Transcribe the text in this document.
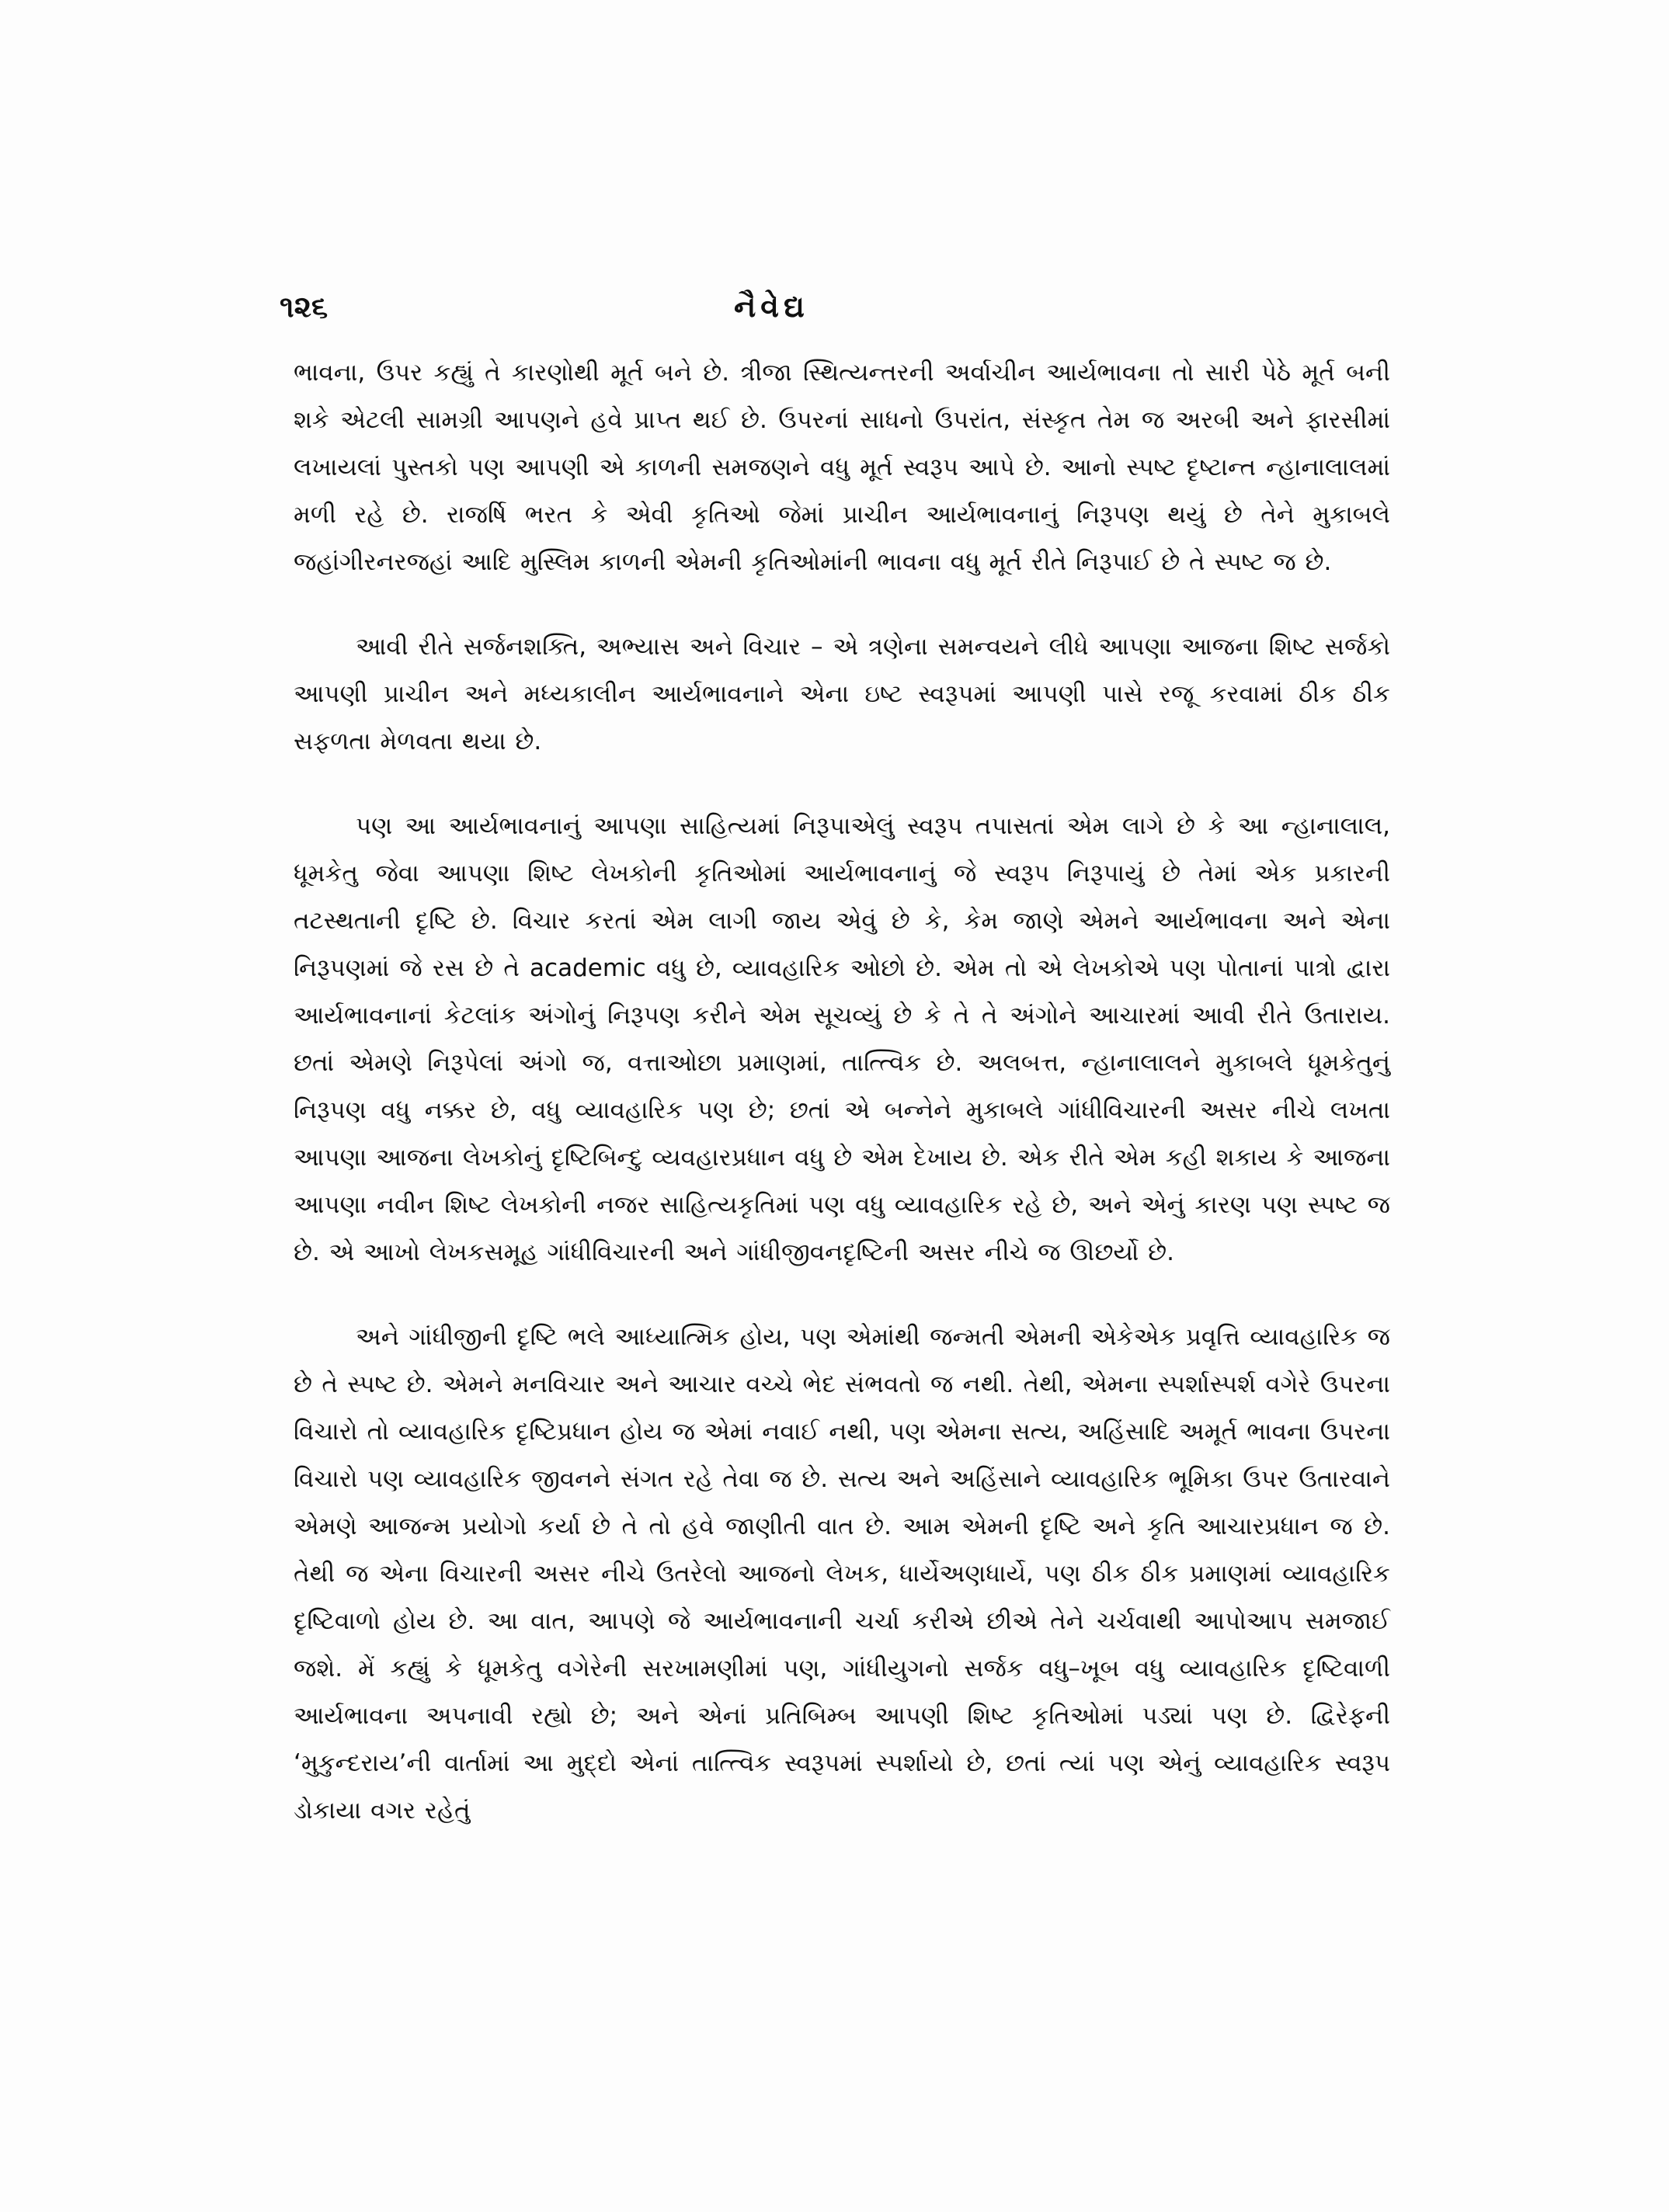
૧૨૬	નૈવેદ્ય

ભાવના, ઉપર કહ્યું તે કારણોથી મૂર્ત બને છે. ત્રીજા સ્થિત્યન્તરની અર્વાચીન આર્યભાવના તો સારી પેઠે મૂર્ત બની શકે એટલી સામગ્રી આપણને હવે પ્રાપ્ત થઈ છે. ઉપરનાં સાધનો ઉપરાંત, સંસ્કૃત તેમ જ અરબી અને ફારસીમાં લખાયલાં પુસ્તકો પણ આપણી એ કાળની સમજણને વધુ મૂર્ત સ્વરૂપ આપે છે. આનો સ્પષ્ટ દૃષ્ટાન્ત ન્હાનાલાલમાં મળી રહે છે. રાજર્ષિ ભરત કે એવી કૃતિઓ જેમાં પ્રાચીન આર્યભાવનાનું નિરૂપણ થયું છે તેને મુકાબલે જહાંગીરનરજહાં આદિ મુસ્લિમ કાળની એમની કૃતિઓમાંની ભાવના વધુ મૂર્ત રીતે નિરૂપાઈ છે તે સ્પષ્ટ જ છે.

આવી રીતે સર્જનશક્તિ, અભ્યાસ અને વિચાર – એ ત્રણેના સમન્વયને લીધે આપણા આજના શિષ્ટ સર્જકો આપણી પ્રાચીન અને મધ્યકાલીન આર્યભાવનાને એના ઇષ્ટ સ્વરૂપમાં આપણી પાસે રજૂ કરવામાં ઠીક ઠીક સફળતા મેળવતા થયા છે.

પણ આ આર્યભાવનાનું આપણા સાહિત્યમાં નિરૂપાએલું સ્વરૂપ તપાસતાં એમ લાગે છે કે આ ન્હાનાલાલ, ધૂમકેતુ જેવા આપણા શિષ્ટ લેખકોની કૃતિઓમાં આર્યભાવનાનું જે સ્વરૂપ નિરૂપાયું છે તેમાં એક પ્રકારની તટસ્થતાની દૃષ્ટિ છે. વિચાર કરતાં એમ લાગી જાય એવું છે કે, કેમ જાણે એમને આર્યભાવના અને એના નિરૂપણમાં જે રસ છે તે academic વધુ છે, વ્યાવહારિક ઓછો છે. એમ તો એ લેખકોએ પણ પોતાનાં પાત્રો દ્વારા આર્યભાવનાનાં કેટલાંક અંગોનું નિરૂપણ કરીને એમ સૂચવ્યું છે કે તે તે અંગોને આચારમાં આવી રીતે ઉતારાય. છતાં એમણે નિરૂપેલાં અંગો જ, વત્તાઓછા પ્રમાણમાં, તાત્ત્વિક છે. અલબત્ત, ન્હાનાલાલને મુકાબલે ધૂમકેતુનું નિરૂપણ વધુ નક્કર છે, વધુ વ્યાવહારિક પણ છે; છતાં એ બન્નેને મુકાબલે ગાંધીવિચારની અસર નીચે લખતા આપણા આજના લેખકોનું દૃષ્ટિબિન્દુ વ્યવહારપ્રધાન વધુ છે એમ દેખાય છે. એક રીતે એમ કહી શકાય કે આજના આપણા નવીન શિષ્ટ લેખકોની નજર સાહિત્યકૃતિમાં પણ વધુ વ્યાવહારિક રહે છે, અને એનું કારણ પણ સ્પષ્ટ જ છે. એ આખો લેખકસમૂહ ગાંધીવિચારની અને ગાંધીજીવનદૃષ્ટિની અસર નીચે જ ઊછર્યો છે.

અને ગાંધીજીની દૃષ્ટિ ભલે આધ્યાત્મિક હોય, પણ એમાંથી જન્મતી એમની એકેએક પ્રવૃત્તિ વ્યાવહારિક જ છે તે સ્પષ્ટ છે. એમને મનવિચાર અને આચાર વચ્ચે ભેદ સંભવતો જ નથી. તેથી, એમના સ્પર્શાસ્પર્શ વગેરે ઉપરના વિચારો તો વ્યાવહારિક દૃષ્ટિપ્રધાન હોય જ એમાં નવાઈ નથી, પણ એમના સત્ય, અહિંસાદિ અમૂર્ત ભાવના ઉપરના વિચારો પણ વ્યાવહારિક જીવનને સંગત રહે તેવા જ છે. સત્ય અને અહિંસાને વ્યાવહારિક ભૂમિકા ઉપર ઉતારવાને એમણે આજન્મ પ્રયોગો કર્યા છે તે તો હવે જાણીતી વાત છે. આમ એમની દૃષ્ટિ અને કૃતિ આચારપ્રધાન જ છે. તેથી જ એના વિચારની અસર નીચે ઉતરેલો આજનો લેખક, ધાર્યેઅણધાર્યે, પણ ઠીક ઠીક પ્રમાણમાં વ્યાવહારિક દૃષ્ટિવાળો હોય છે. આ વાત, આપણે જે આર્યભાવનાની ચર્ચા કરીએ છીએ તેને ચર્ચવાથી આપોઆપ સમજાઈ જશે. મેં કહ્યું કે ધૂમકેતુ વગેરેની સરખામણીમાં પણ, ગાંધીયુગનો સર્જક વધુ–ખૂબ વધુ વ્યાવહારિક દૃષ્ટિવાળી આર્યભાવના અપનાવી રહ્યો છે; અને એનાં પ્રતિબિમ્બ આપણી શિષ્ટ કૃતિઓમાં પડ્યાં પણ છે. દ્વિરેફની ‘મુકુન્દરાય’ની વાર્તામાં આ મુદ્દો એનાં તાત્ત્વિક સ્વરૂપમાં સ્પર્શાયો છે, છતાં ત્યાં પણ એનું વ્યાવહારિક સ્વરૂપ ડોકાયા વગર રહેતું
